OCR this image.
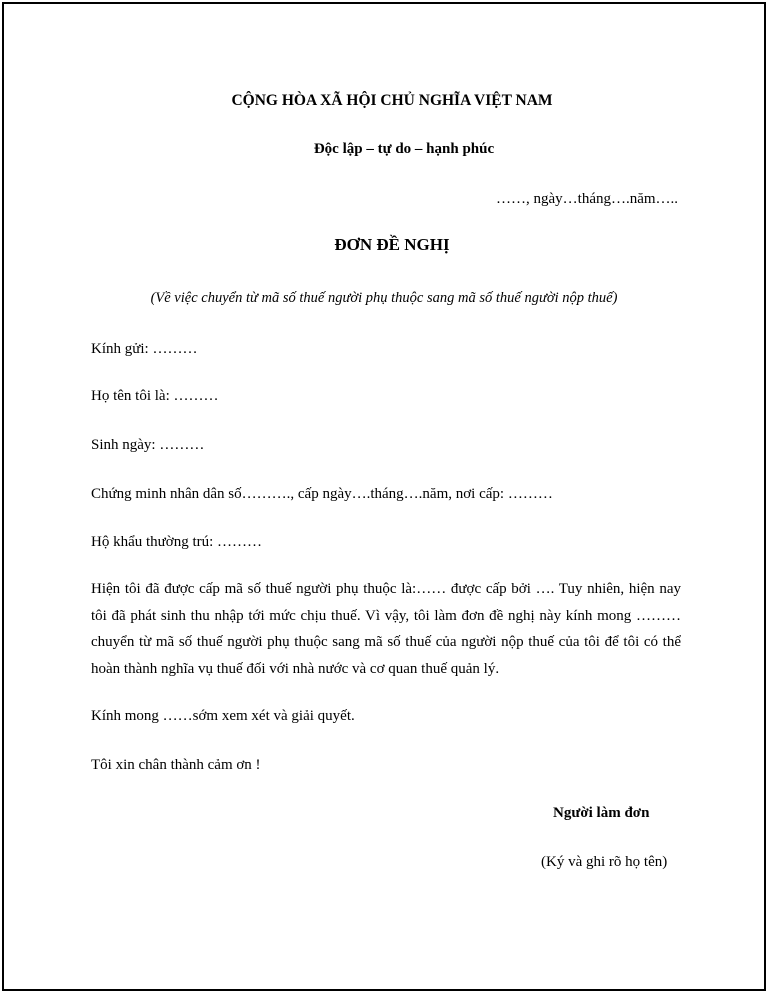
CỘNG HÒA XÃ HỘI CHỦ NGHĨA VIỆT NAM
Độc lập – tự do – hạnh phúc
……, ngày…tháng….năm…..
ĐƠN ĐỀ NGHỊ
(Về việc chuyển từ mã số thuế người phụ thuộc sang mã số thuế người nộp thuế)
Kính gửi: ………
Họ tên tôi là: ………
Sinh ngày: ………
Chứng minh nhân dân số………., cấp ngày….tháng….năm, nơi cấp: ………
Hộ khẩu thường trú: ………
Hiện tôi đã được cấp mã số thuế người phụ thuộc là:…… được cấp bởi …. Tuy nhiên, hiện nay
tôi đã phát sinh thu nhập tới mức chịu thuế. Vì vậy, tôi làm đơn đề nghị này kính mong ………
chuyển từ mã số thuế người phụ thuộc sang mã số thuế của người nộp thuế của tôi để tôi có thể
hoàn thành nghĩa vụ thuế đối với nhà nước và cơ quan thuế quản lý.
Kính mong ……sớm xem xét và giải quyết.
Tôi xin chân thành cảm ơn !
Người làm đơn
(Ký và ghi rõ họ tên)
